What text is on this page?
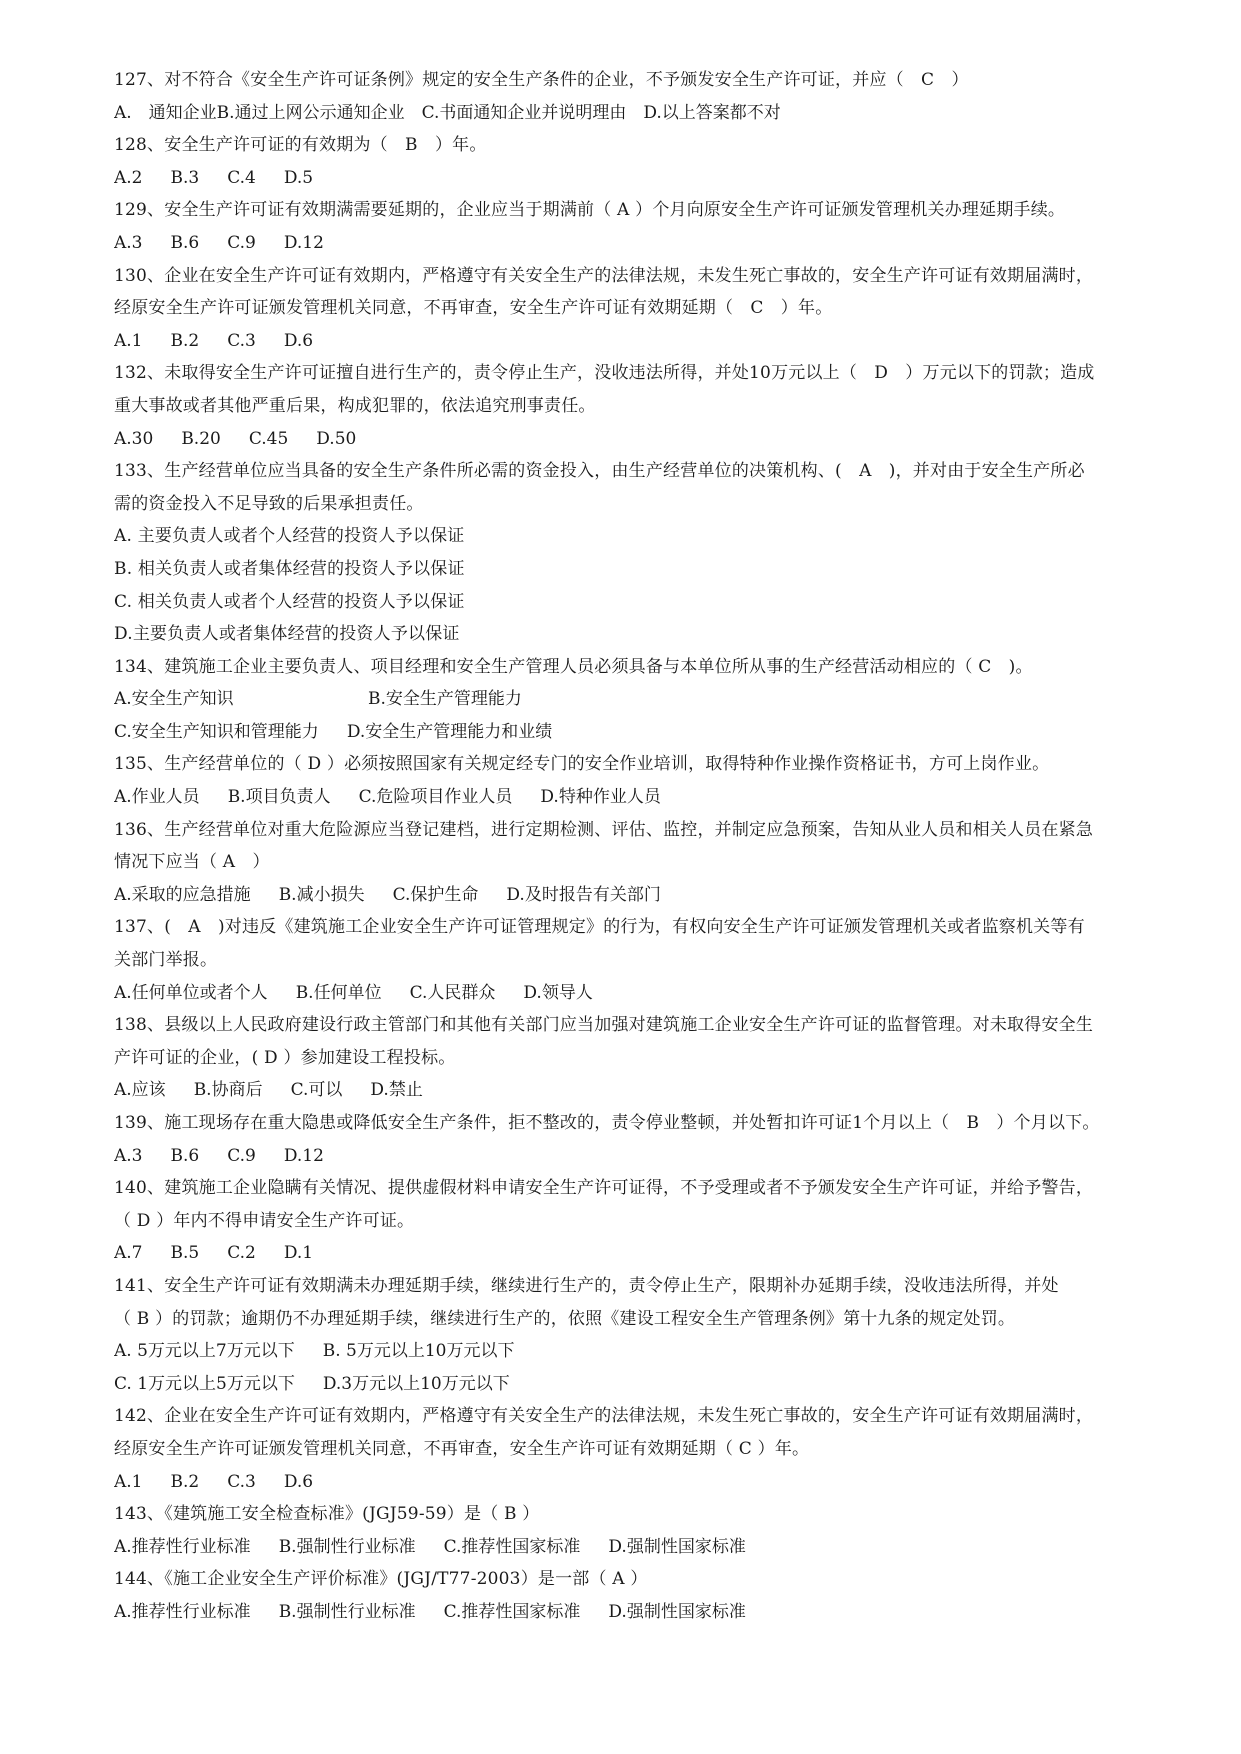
127、对不符合《安全生产许可证条例》规定的安全生产条件的企业，不予颁发安全生产许可证，并应（　C　）
A.　通知企业B.通过上网公示通知企业　C.书面通知企业并说明理由　D.以上答案都不对
128、安全生产许可证的有效期为（　B　）年。
A.2 B.3 C.4 D.5
129、安全生产许可证有效期满需要延期的，企业应当于期满前（ A ）个月向原安全生产许可证颁发管理机关办理延期手续。
A.3 B.6 C.9 D.12
130、企业在安全生产许可证有效期内，严格遵守有关安全生产的法律法规，未发生死亡事故的，安全生产许可证有效期届满时，
经原安全生产许可证颁发管理机关同意，不再审查，安全生产许可证有效期延期（　C　）年。
A.1 B.2 C.3 D.6
132、未取得安全生产许可证擅自进行生产的，责令停止生产，没收违法所得，并处10万元以上（　D　）万元以下的罚款；造成
重大事故或者其他严重后果，构成犯罪的，依法追究刑事责任。
A.30 B.20 C.45 D.50
133、生产经营单位应当具备的安全生产条件所必需的资金投入，由生产经营单位的决策机构、(　A　)，并对由于安全生产所必
需的资金投入不足导致的后果承担责任。
A. 主要负责人或者个人经营的投资人予以保证
B. 相关负责人或者集体经营的投资人予以保证
C. 相关负责人或者个人经营的投资人予以保证
D.主要负责人或者集体经营的投资人予以保证
134、建筑施工企业主要负责人、项目经理和安全生产管理人员必须具备与本单位所从事的生产经营活动相应的（ C　)。
A.安全生产知识	B.安全生产管理能力
C.安全生产知识和管理能力 D.安全生产管理能力和业绩
135、生产经营单位的（ D ）必须按照国家有关规定经专门的安全作业培训，取得特种作业操作资格证书，方可上岗作业。
A.作业人员 B.项目负责人 C.危险项目作业人员 D.特种作业人员
136、生产经营单位对重大危险源应当登记建档，进行定期检测、评估、监控，并制定应急预案，告知从业人员和相关人员在紧急
情况下应当（ A　）
A.采取的应急措施 B.减小损失 C.保护生命 D.及时报告有关部门
137、(　A　)对违反《建筑施工企业安全生产许可证管理规定》的行为，有权向安全生产许可证颁发管理机关或者监察机关等有
关部门举报。
A.任何单位或者个人 B.任何单位 C.人民群众 D.领导人
138、县级以上人民政府建设行政主管部门和其他有关部门应当加强对建筑施工企业安全生产许可证的监督管理。对未取得安全生
产许可证的企业，( D ）参加建设工程投标。
A.应该 B.协商后 C.可以 D.禁止
139、施工现场存在重大隐患或降低安全生产条件，拒不整改的，责令停业整顿，并处暂扣许可证1个月以上（　B　）个月以下。
A.3 B.6 C.9 D.12
140、建筑施工企业隐瞒有关情况、提供虚假材料申请安全生产许可证得，不予受理或者不予颁发安全生产许可证，并给予警告，
（ D ）年内不得申请安全生产许可证。
A.7 B.5 C.2 D.1
141、安全生产许可证有效期满未办理延期手续，继续进行生产的，责令停止生产，限期补办延期手续，没收违法所得，并处
（ B ）的罚款；逾期仍不办理延期手续，继续进行生产的，依照《建设工程安全生产管理条例》第十九条的规定处罚。
A. 5万元以上7万元以下 B. 5万元以上10万元以下
C. 1万元以上5万元以下 D.3万元以上10万元以下
142、企业在安全生产许可证有效期内，严格遵守有关安全生产的法律法规，未发生死亡事故的，安全生产许可证有效期届满时，
经原安全生产许可证颁发管理机关同意，不再审查，安全生产许可证有效期延期（ C ）年。
A.1 B.2 C.3 D.6
143、《建筑施工安全检查标准》(JGJ59-59）是（ B ）
A.推荐性行业标准 B.强制性行业标准 C.推荐性国家标准 D.强制性国家标准
144、《施工企业安全生产评价标准》(JGJ/T77-2003）是一部（ A ）
A.推荐性行业标准 B.强制性行业标准 C.推荐性国家标准 D.强制性国家标准
